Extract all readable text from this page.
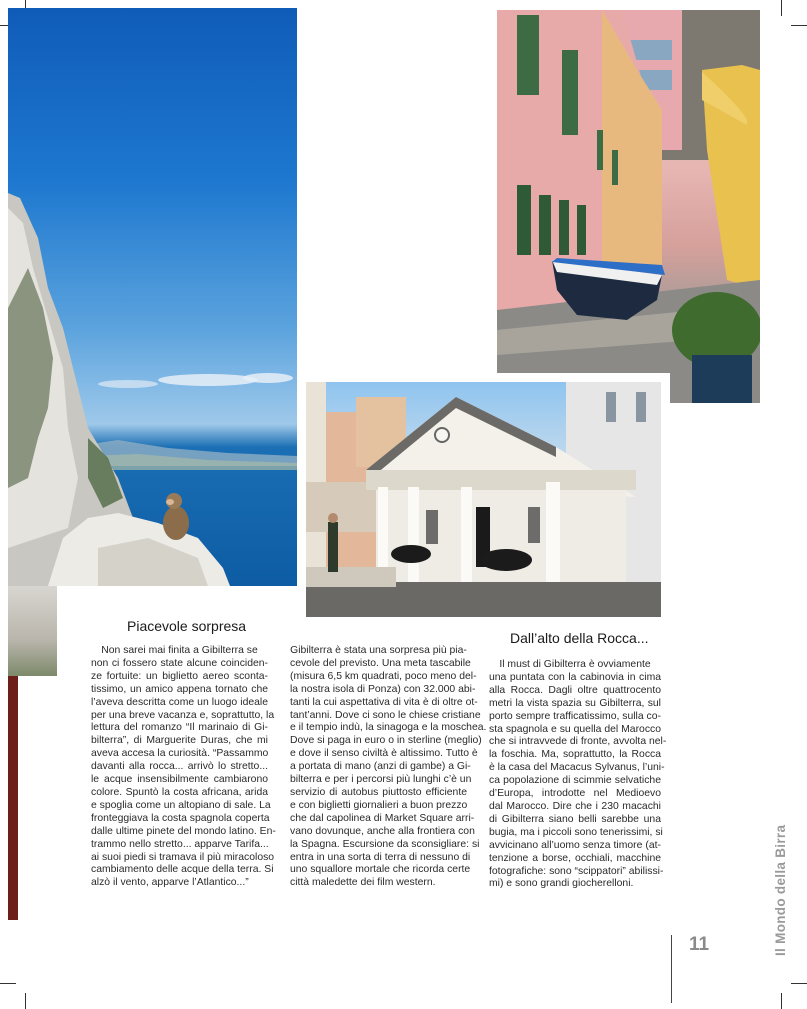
Piacevole sorpresa
Non sarei mai finita a Gibilterra se
non ci fossero state alcune coinciden-
ze fortuite: un biglietto aereo sconta-
tissimo, un amico appena tornato che
l’aveva descritta come un luogo ideale
per una breve vacanza e, soprattutto, la
lettura del romanzo “Il marinaio di Gi-
bilterra”, di Marguerite Duras, che mi
aveva accesa la curiosità. “Passammo
davanti alla rocca... arrivò lo stretto...
le acque insensibilmente cambiarono
colore. Spuntò la costa africana, arida
e spoglia come un altopiano di sale. La
fronteggiava la costa spagnola coperta
dalle ultime pinete del mondo latino. En-
trammo nello stretto... apparve Tarifa...
ai suoi piedi si tramava il più miracoloso
cambiamento delle acque della terra. Si
alzò il vento, apparve l’Atlantico...”
Gibilterra è stata una sorpresa più pia-
cevole del previsto. Una meta tascabile
(misura 6,5 km quadrati, poco meno del-
la nostra isola di Ponza) con 32.000 abi-
tanti la cui aspettativa di vita è di oltre ot-
tant’anni. Dove ci sono le chiese cristiane
e il tempio indù, la sinagoga e la moschea.
Dove si paga in euro o in sterline (meglio)
e dove il senso civiltà è altissimo. Tutto è
a portata di mano (anzi di gambe) a Gi-
bilterra e per i percorsi più lunghi c’è un
servizio di autobus piuttosto efficiente
e con biglietti giornalieri a buon prezzo
che dal capolinea di Market Square arri-
vano dovunque, anche alla frontiera con
la Spagna. Escursione da sconsigliare: si
entra in una sorta di terra di nessuno di
uno squallore mortale che ricorda certe
città maledette dei film western.
Dall’alto della Rocca...
Il must di Gibilterra è ovviamente
una puntata con la cabinovia in cima
alla Rocca. Dagli oltre quattrocento
metri la vista spazia su Gibilterra, sul
porto sempre trafficatissimo, sulla co-
sta spagnola e su quella del Marocco
che si intravvede di fronte, avvolta nel-
la foschia. Ma, soprattutto, la Rocca
è la casa del Macacus Sylvanus, l’uni-
ca popolazione di scimmie selvatiche
d’Europa, introdotte nel Medioevo
dal Marocco. Dire che i 230 macachi
di Gibilterra siano belli sarebbe una
bugia, ma i piccoli sono tenerissimi, si
avvicinano all’uomo senza timore (at-
tenzione a borse, occhiali, macchine
fotografiche: sono “scippatori” abilissi-
mi) e sono grandi giocherelloni.
11	Il Mondo della Birra
